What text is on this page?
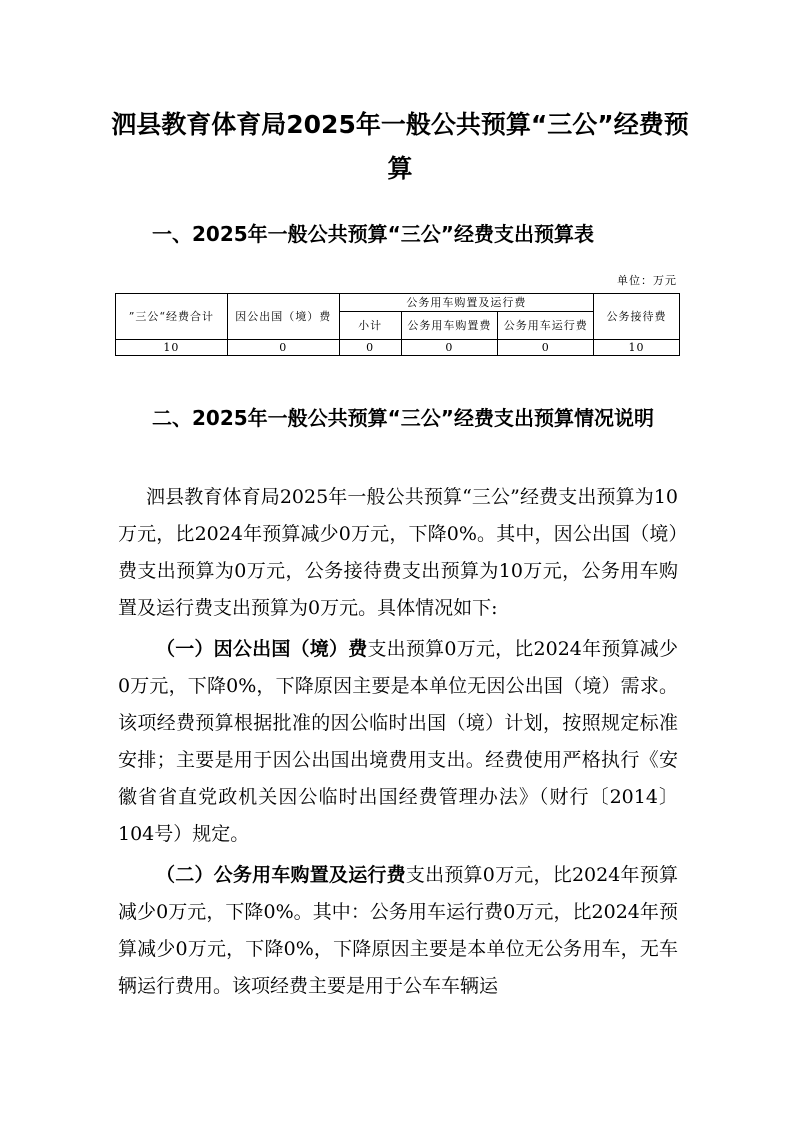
泗县教育体育局2025年一般公共预算“三公”经费预算
一、2025年一般公共预算“三公”经费支出预算表
单位：万元
”三公“经费合计	因公出国（境）费	公务用车购置及运行费			公务接待费
		小计	公务用车购置费	公务用车运行费	
10	0	0	0	0	10
二、2025年一般公共预算“三公”经费支出预算情况说明

泗县教育体育局2025年一般公共预算“三公”经费支出预算为10万元，比2024年预算减少0万元，下降0%。其中，因公出国（境）费支出预算为0万元，公务接待费支出预算为10万元，公务用车购置及运行费支出预算为0万元。具体情况如下:

（一）因公出国（境）费支出预算0万元，比2024年预算减少0万元，下降0%，下降原因主要是本单位无因公出国（境）需求。该项经费预算根据批准的因公临时出国（境）计划，按照规定标准安排；主要是用于因公出国出境费用支出。经费使用严格执行《安徽省省直党政机关因公临时出国经费管理办法》（财行〔2014〕104号）规定。

（二）公务用车购置及运行费支出预算0万元，比2024年预算减少0万元，下降0%。其中：公务用车运行费0万元，比2024年预算减少0万元，下降0%，下降原因主要是本单位无公务用车，无车辆运行费用。该项经费主要是用于公车车辆运
